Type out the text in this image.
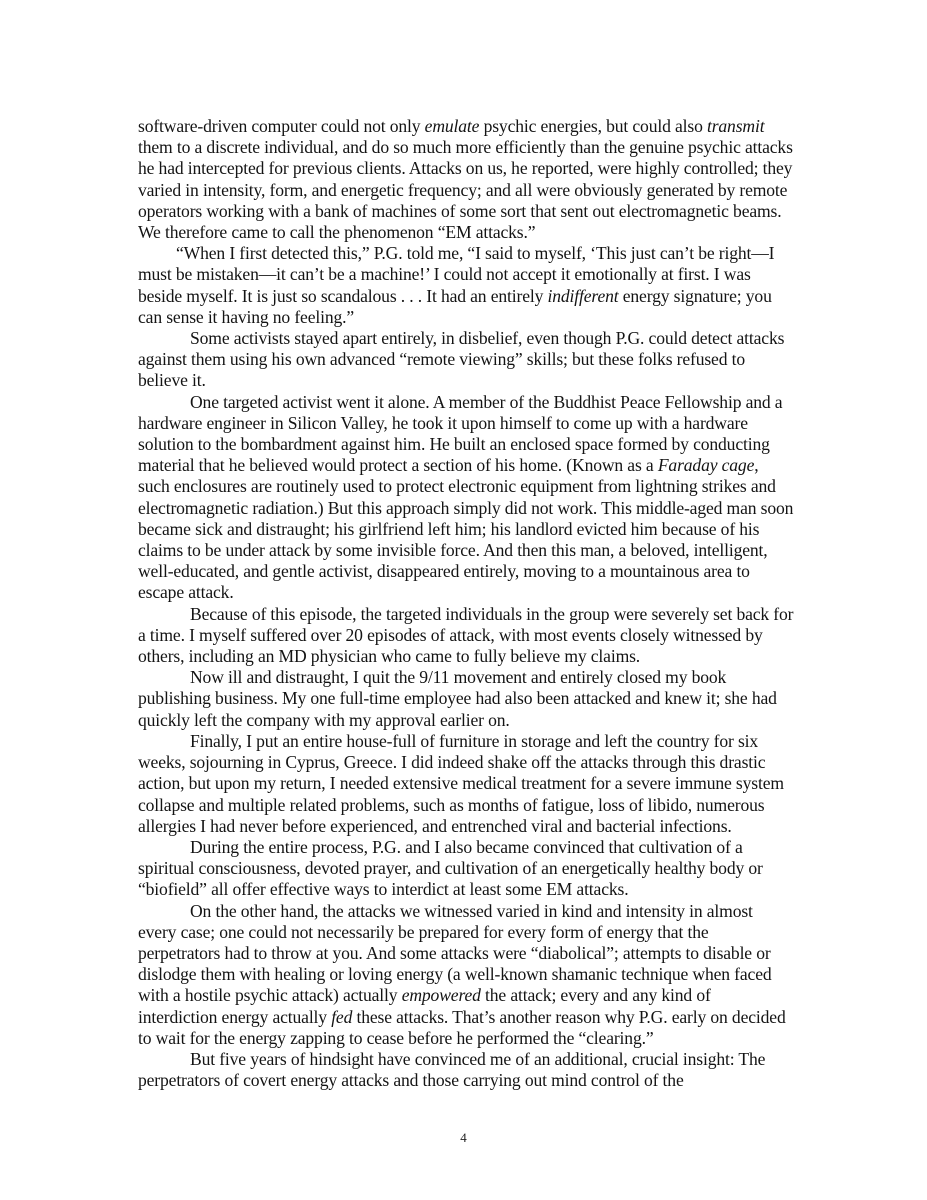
software-driven computer could not only emulate psychic energies, but could also transmit them to a discrete individual, and do so much more efficiently than the genuine psychic attacks he had intercepted for previous clients. Attacks on us, he reported, were highly controlled; they varied in intensity, form, and energetic frequency; and all were obviously generated by remote operators working with a bank of machines of some sort that sent out electromagnetic beams. We therefore came to call the phenomenon “EM attacks.”

“When I first detected this,” P.G. told me, “I said to myself, ‘This just can’t be right—I must be mistaken—it can’t be a machine!’ I could not accept it emotionally at first. I was beside myself. It is just so scandalous . . . It had an entirely indifferent energy signature; you can sense it having no feeling.”

Some activists stayed apart entirely, in disbelief, even though P.G. could detect attacks against them using his own advanced “remote viewing” skills; but these folks refused to believe it.

One targeted activist went it alone. A member of the Buddhist Peace Fellowship and a hardware engineer in Silicon Valley, he took it upon himself to come up with a hardware solution to the bombardment against him. He built an enclosed space formed by conducting material that he believed would protect a section of his home. (Known as a Faraday cage, such enclosures are routinely used to protect electronic equipment from lightning strikes and electromagnetic radiation.) But this approach simply did not work. This middle-aged man soon became sick and distraught; his girlfriend left him; his landlord evicted him because of his claims to be under attack by some invisible force. And then this man, a beloved, intelligent, well-educated, and gentle activist, disappeared entirely, moving to a mountainous area to escape attack.

Because of this episode, the targeted individuals in the group were severely set back for a time. I myself suffered over 20 episodes of attack, with most events closely witnessed by others, including an MD physician who came to fully believe my claims.

Now ill and distraught, I quit the 9/11 movement and entirely closed my book publishing business. My one full-time employee had also been attacked and knew it; she had quickly left the company with my approval earlier on.

Finally, I put an entire house-full of furniture in storage and left the country for six weeks, sojourning in Cyprus, Greece. I did indeed shake off the attacks through this drastic action, but upon my return, I needed extensive medical treatment for a severe immune system collapse and multiple related problems, such as months of fatigue, loss of libido, numerous allergies I had never before experienced, and entrenched viral and bacterial infections.

During the entire process, P.G. and I also became convinced that cultivation of a spiritual consciousness, devoted prayer, and cultivation of an energetically healthy body or “biofield” all offer effective ways to interdict at least some EM attacks.

On the other hand, the attacks we witnessed varied in kind and intensity in almost every case; one could not necessarily be prepared for every form of energy that the perpetrators had to throw at you. And some attacks were “diabolical”; attempts to disable or dislodge them with healing or loving energy (a well-known shamanic technique when faced with a hostile psychic attack) actually empowered the attack; every and any kind of interdiction energy actually fed these attacks. That’s another reason why P.G. early on decided to wait for the energy zapping to cease before he performed the “clearing.”

But five years of hindsight have convinced me of an additional, crucial insight: The perpetrators of covert energy attacks and those carrying out mind control of the

4
